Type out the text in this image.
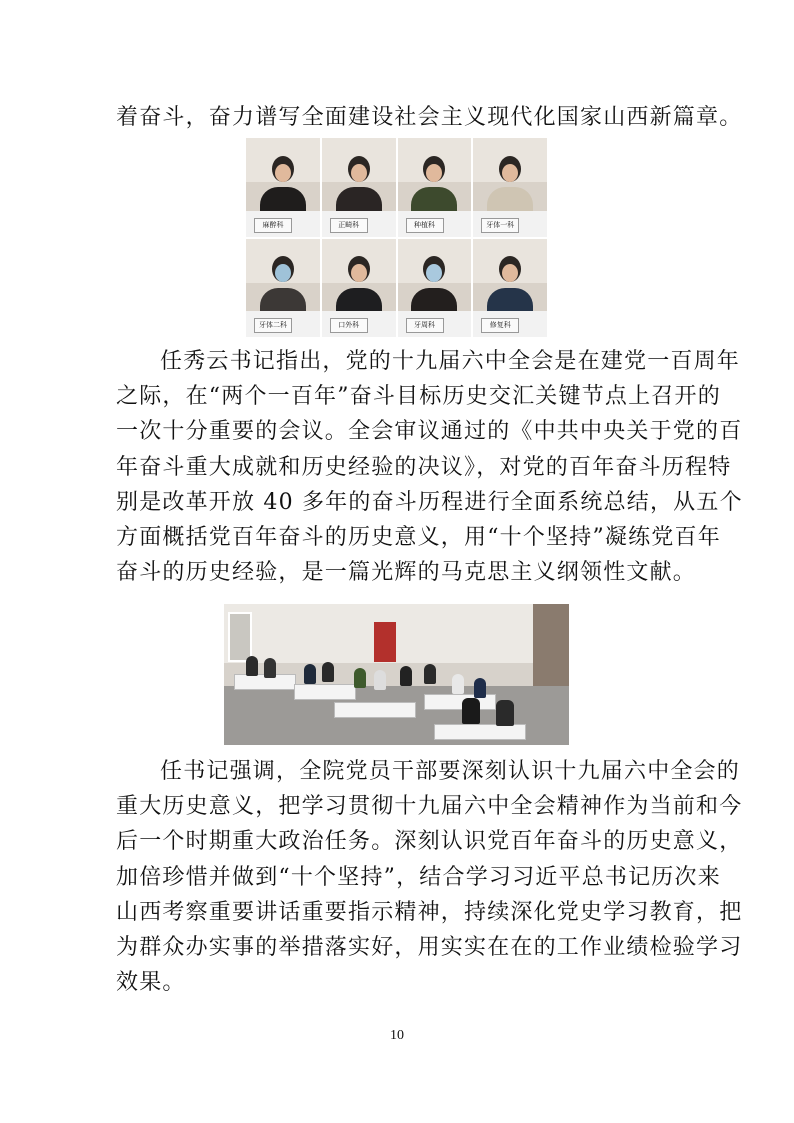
着奋斗，奋力谱写全面建设社会主义现代化国家山西新篇章。

麻醉科	正畸科	种植科	牙体一科
牙体二科	口外科	牙周科	修复科

任秀云书记指出，党的十九届六中全会是在建党一百周年
之际，在“两个一百年”奋斗目标历史交汇关键节点上召开的
一次十分重要的会议。全会审议通过的《中共中央关于党的百
年奋斗重大成就和历史经验的决议》，对党的百年奋斗历程特
别是改革开放 40 多年的奋斗历程进行全面系统总结，从五个
方面概括党百年奋斗的历史意义，用“十个坚持”凝练党百年
奋斗的历史经验，是一篇光辉的马克思主义纲领性文献。

任书记强调，全院党员干部要深刻认识十九届六中全会的
重大历史意义，把学习贯彻十九届六中全会精神作为当前和今
后一个时期重大政治任务。深刻认识党百年奋斗的历史意义，
加倍珍惜并做到“十个坚持”，结合学习习近平总书记历次来
山西考察重要讲话重要指示精神，持续深化党史学习教育，把
为群众办实事的举措落实好，用实实在在的工作业绩检验学习
效果。

10
